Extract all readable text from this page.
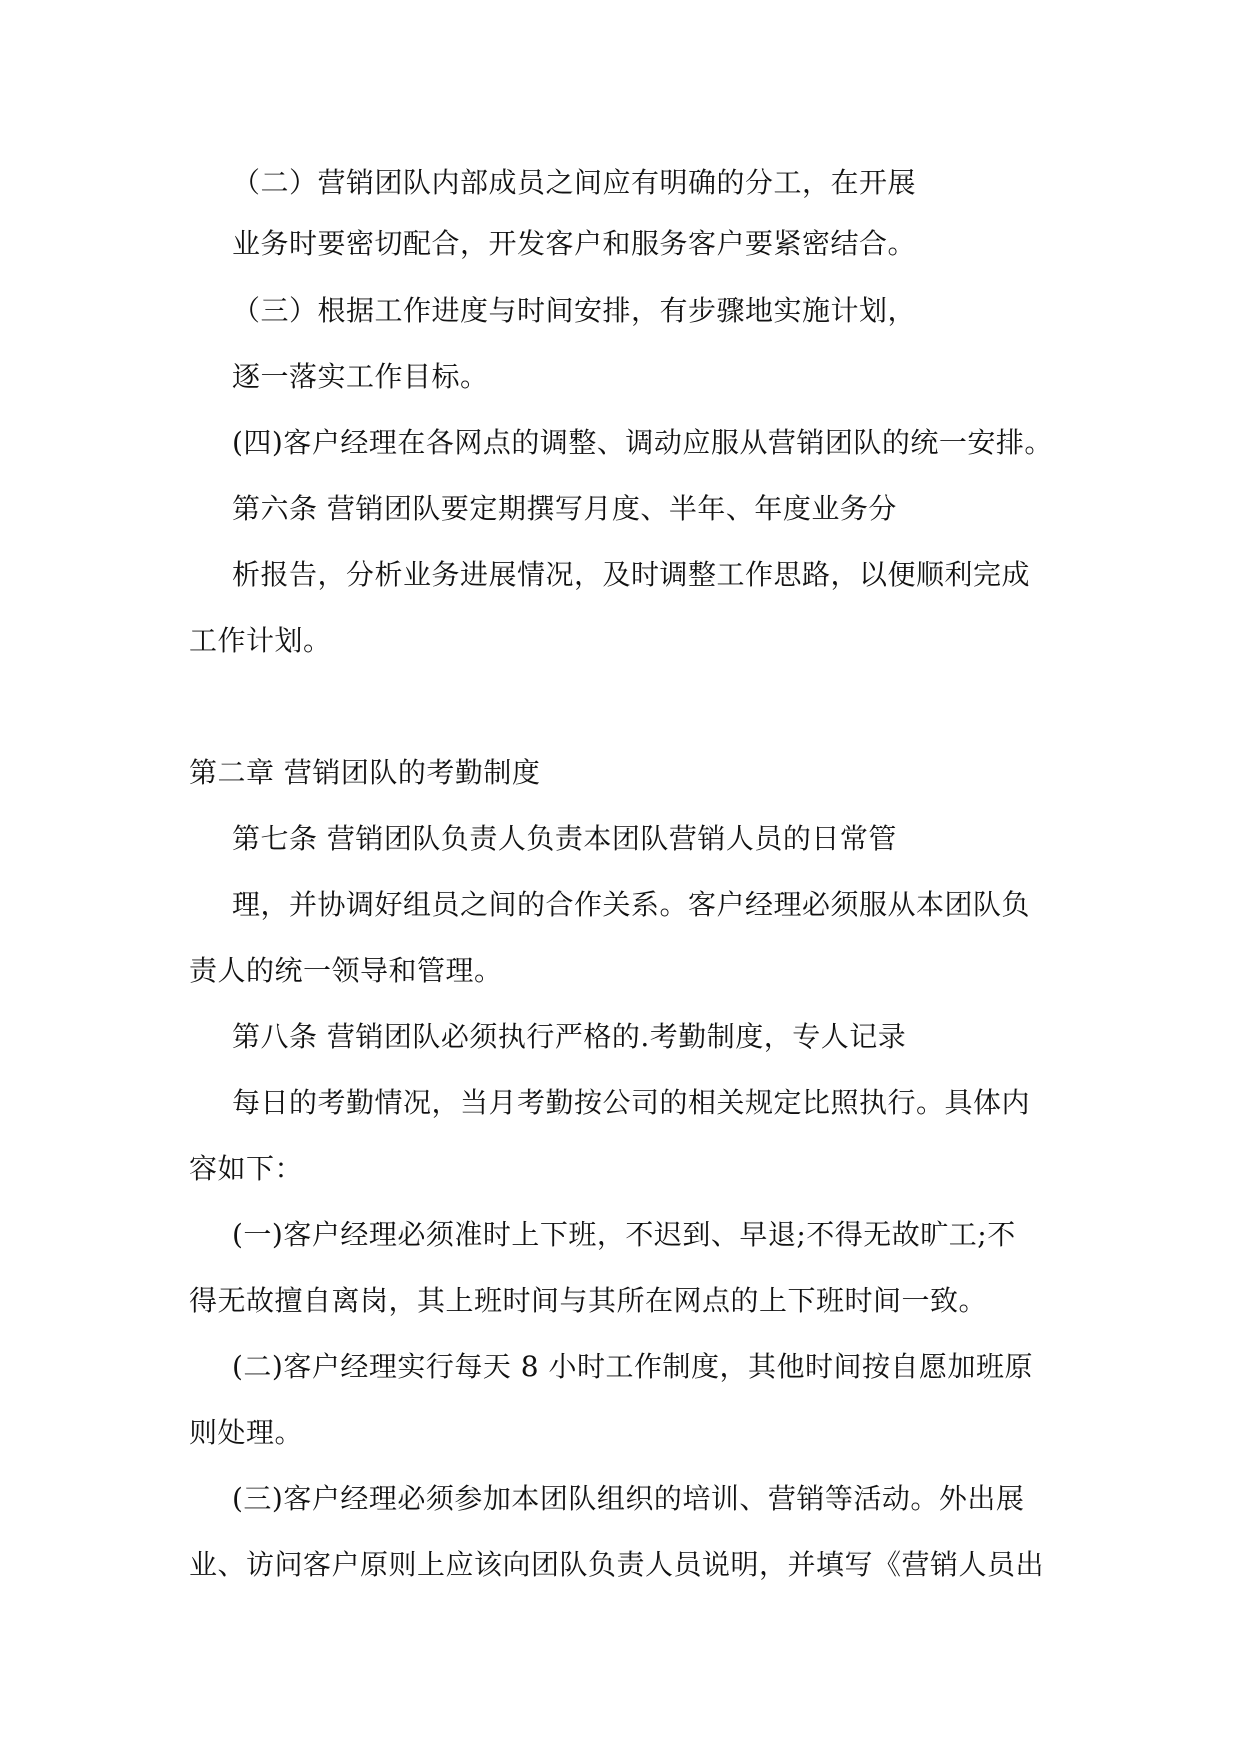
（二）营销团队内部成员之间应有明确的分工，在开展
业务时要密切配合，开发客户和服务客户要紧密结合。
（三）根据工作进度与时间安排，有步骤地实施计划，
逐一落实工作目标。
(四)客户经理在各网点的调整、调动应服从营销团队的统一安排。
第六条 营销团队要定期撰写月度、半年、年度业务分
析报告，分析业务进展情况，及时调整工作思路，以便顺利完成
工作计划。
第二章 营销团队的考勤制度
第七条 营销团队负责人负责本团队营销人员的日常管
理，并协调好组员之间的合作关系。客户经理必须服从本团队负
责人的统一领导和管理。
第八条 营销团队必须执行严格的.考勤制度，专人记录
每日的考勤情况，当月考勤按公司的相关规定比照执行。具体内
容如下：
(一)客户经理必须准时上下班，不迟到、早退;不得无故旷工;不
得无故擅自离岗，其上班时间与其所在网点的上下班时间一致。
(二)客户经理实行每天 8 小时工作制度，其他时间按自愿加班原
则处理。
(三)客户经理必须参加本团队组织的培训、营销等活动。外出展
业、访问客户原则上应该向团队负责人员说明，并填写《营销人员出
